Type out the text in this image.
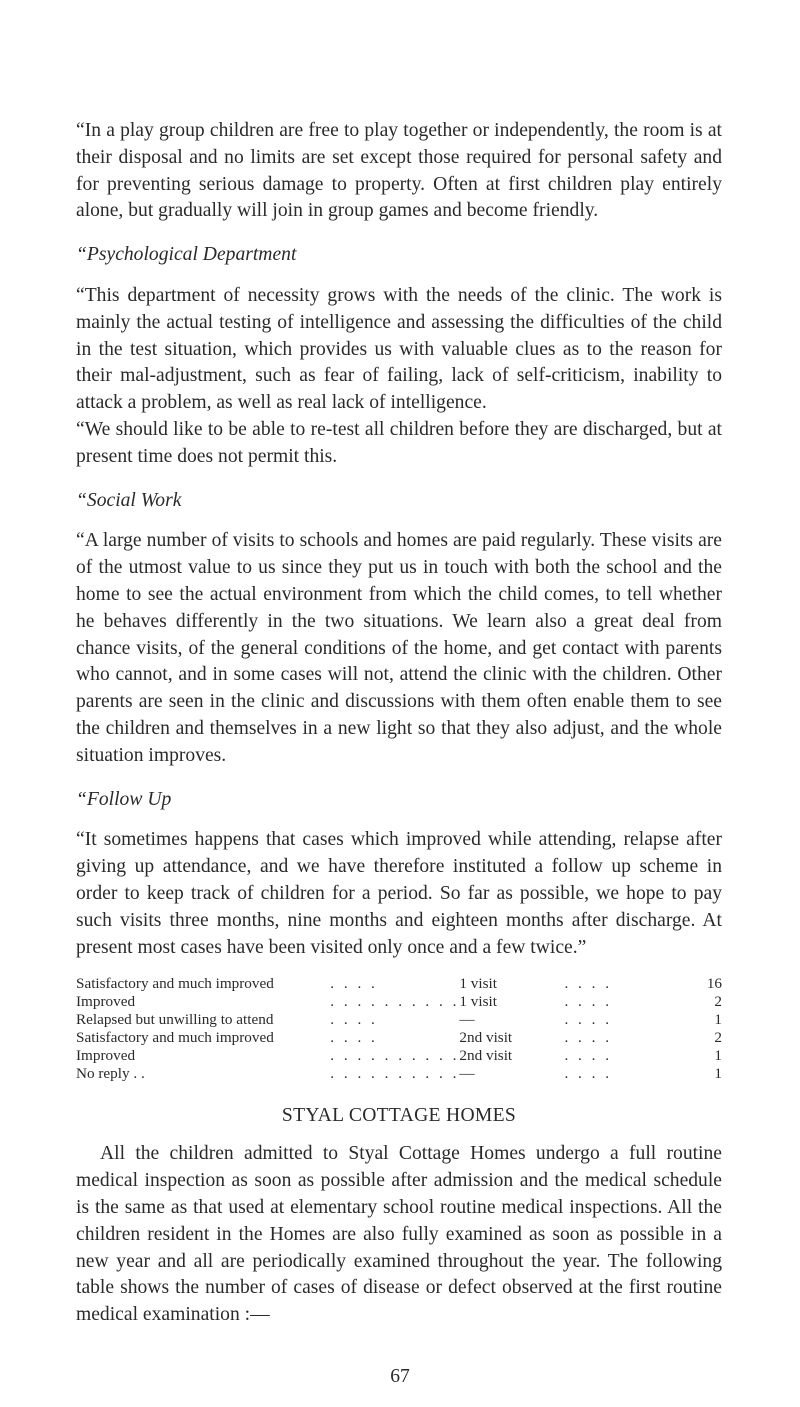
“In a play group children are free to play together or independently, the room is at their disposal and no limits are set except those required for personal safety and for preventing serious damage to property. Often at first children play entirely alone, but gradually will join in group games and become friendly.

“Psychological Department

“This department of necessity grows with the needs of the clinic. The work is mainly the actual testing of intelligence and assessing the difficulties of the child in the test situation, which provides us with valuable clues as to the reason for their mal-adjustment, such as fear of failing, lack of self-criticism, inability to attack a problem, as well as real lack of intelligence.

“We should like to be able to re-test all children before they are discharged, but at present time does not permit this.

“Social Work

“A large number of visits to schools and homes are paid regularly. These visits are of the utmost value to us since they put us in touch with both the school and the home to see the actual environment from which the child comes, to tell whether he behaves differently in the two situations. We learn also a great deal from chance visits, of the general conditions of the home, and get contact with parents who cannot, and in some cases will not, attend the clinic with the children. Other parents are seen in the clinic and discussions with them often enable them to see the children and themselves in a new light so that they also adjust, and the whole situation improves.

“Follow Up

“It sometimes happens that cases which improved while attending, relapse after giving up attendance, and we have therefore instituted a follow up scheme in order to keep track of children for a period. So far as possible, we hope to pay such visits three months, nine months and eighteen months after discharge. At present most cases have been visited only once and a few twice.”

Satisfactory and much improved	. . . .	1 visit	. . . .	16
Improved	. . . . . . . . . .	1 visit	. . . .	2
Relapsed but unwilling to attend	. . . .	—	. . . .	1
Satisfactory and much improved	. . . .	2nd visit	. . . .	2
Improved	. . . . . . . . . .	2nd visit	. . . .	1
No reply . .	. . . . . . . . . .	—	. . . .	1
STYAL COTTAGE HOMES

All the children admitted to Styal Cottage Homes undergo a full routine medical inspection as soon as possible after admission and the medical schedule is the same as that used at elementary school routine medical inspections. All the children resident in the Homes are also fully examined as soon as possible in a new year and all are periodically examined throughout the year. The following table shows the number of cases of disease or defect observed at the first routine medical examination :—

67
